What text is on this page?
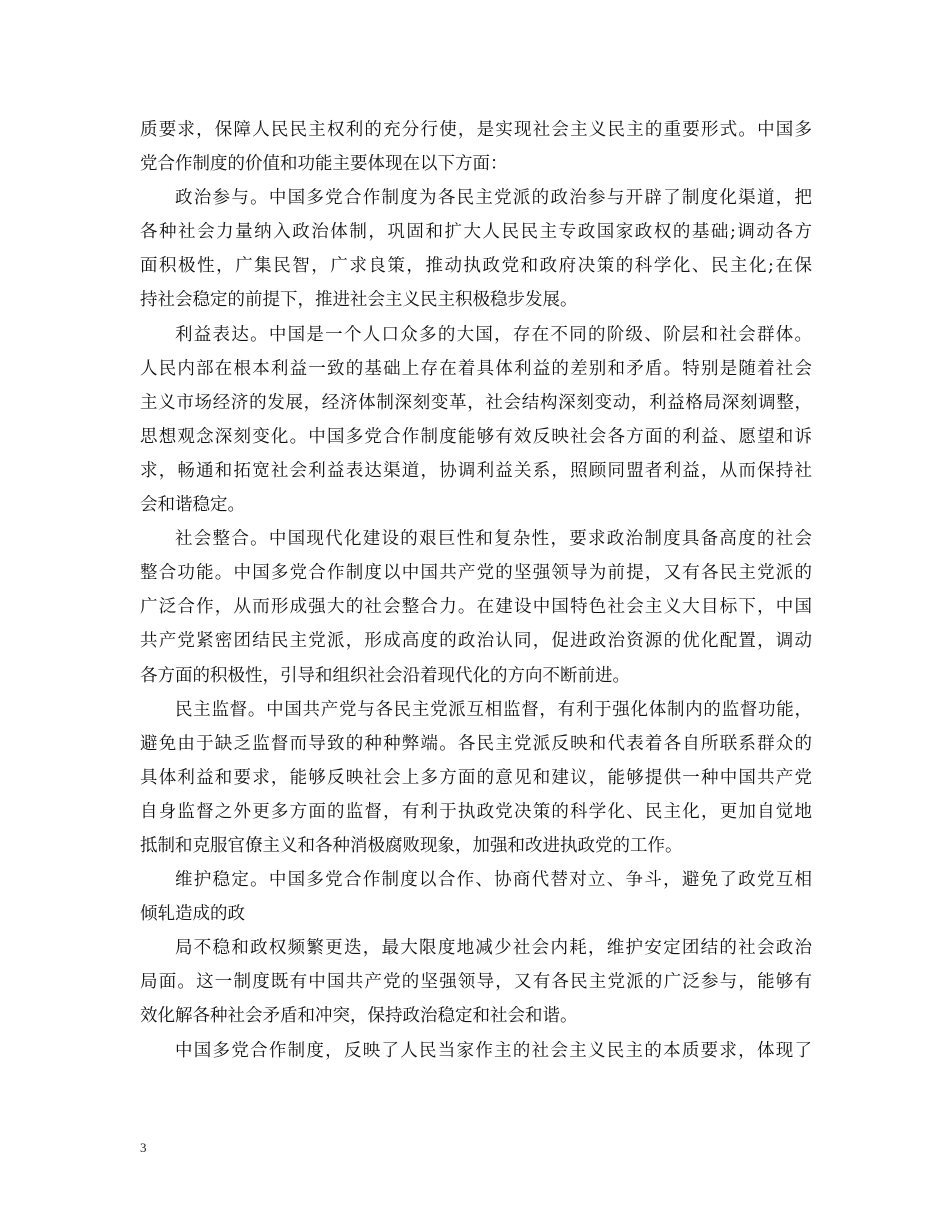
质要求，保障人民民主权利的充分行使，是实现社会主义民主的重要形式。中国多
党合作制度的价值和功能主要体现在以下方面：
政治参与。中国多党合作制度为各民主党派的政治参与开辟了制度化渠道，把
各种社会力量纳入政治体制，巩固和扩大人民民主专政国家政权的基础;调动各方
面积极性，广集民智，广求良策，推动执政党和政府决策的科学化、民主化;在保
持社会稳定的前提下，推进社会主义民主积极稳步发展。
利益表达。中国是一个人口众多的大国，存在不同的阶级、阶层和社会群体。
人民内部在根本利益一致的基础上存在着具体利益的差别和矛盾。特别是随着社会
主义市场经济的发展，经济体制深刻变革，社会结构深刻变动，利益格局深刻调整，
思想观念深刻变化。中国多党合作制度能够有效反映社会各方面的利益、愿望和诉
求，畅通和拓宽社会利益表达渠道，协调利益关系，照顾同盟者利益，从而保持社
会和谐稳定。
社会整合。中国现代化建设的艰巨性和复杂性，要求政治制度具备高度的社会
整合功能。中国多党合作制度以中国共产党的坚强领导为前提，又有各民主党派的
广泛合作，从而形成强大的社会整合力。在建设中国特色社会主义大目标下，中国
共产党紧密团结民主党派，形成高度的政治认同，促进政治资源的优化配置，调动
各方面的积极性，引导和组织社会沿着现代化的方向不断前进。
民主监督。中国共产党与各民主党派互相监督，有利于强化体制内的监督功能，
避免由于缺乏监督而导致的种种弊端。各民主党派反映和代表着各自所联系群众的
具体利益和要求，能够反映社会上多方面的意见和建议，能够提供一种中国共产党
自身监督之外更多方面的监督，有利于执政党决策的科学化、民主化，更加自觉地
抵制和克服官僚主义和各种消极腐败现象，加强和改进执政党的工作。
维护稳定。中国多党合作制度以合作、协商代替对立、争斗，避免了政党互相
倾轧造成的政
局不稳和政权频繁更迭，最大限度地减少社会内耗，维护安定团结的社会政治
局面。这一制度既有中国共产党的坚强领导，又有各民主党派的广泛参与，能够有
效化解各种社会矛盾和冲突，保持政治稳定和社会和谐。
中国多党合作制度，反映了人民当家作主的社会主义民主的本质要求，体现了
3
